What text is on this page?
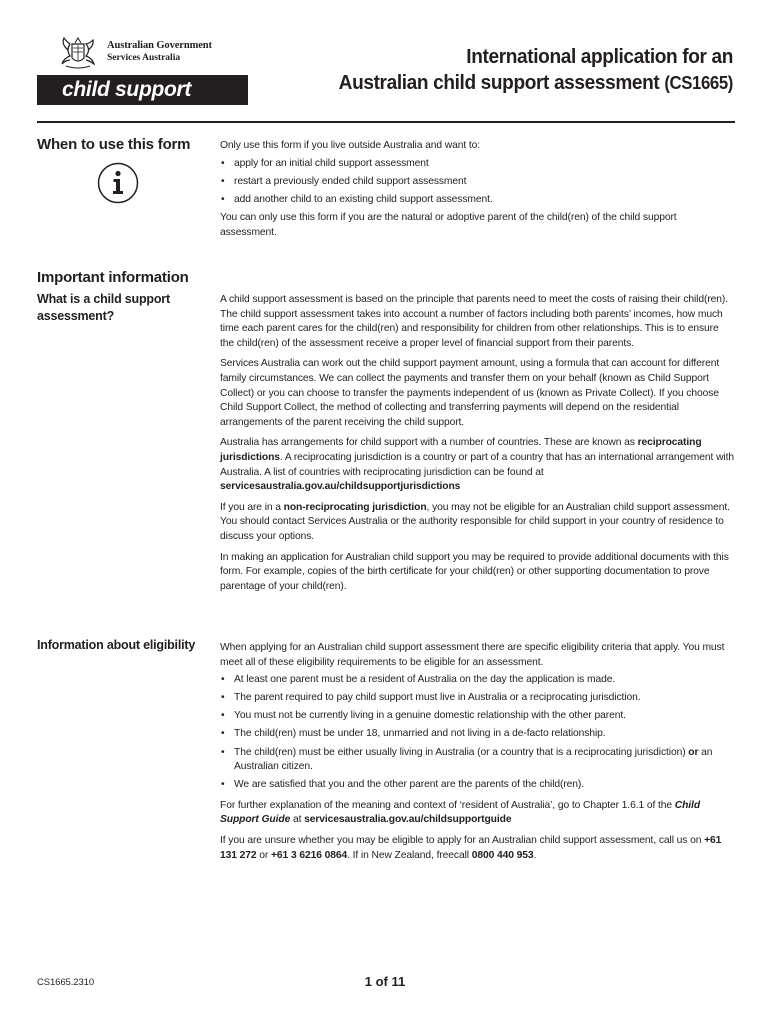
Australian Government
Services Australia
child support
International application for an
Australian child support assessment (CS1665)
When to use this form	Only use this form if you live outside Australia and want to:

• apply for an initial child support assessment
• restart a previously ended child support assessment
• add another child to an existing child support assessment.

You can only use this form if you are the natural or adoptive parent of the child(ren) of the child support assessment.

Important information
What is a child support assessment?

A child support assessment is based on the principle that parents need to meet the costs of raising their child(ren). The child support assessment takes into account a number of factors including both parents’ incomes, how much time each parent cares for the child(ren) and responsibility for children from other relationships. This is to ensure the child(ren) of the assessment receive a proper level of financial support from their parents.

Services Australia can work out the child support payment amount, using a formula that can account for different family circumstances. We can collect the payments and transfer them on your behalf (known as Child Support Collect) or you can choose to transfer the payments independent of us (known as Private Collect). If you choose Child Support Collect, the method of collecting and transferring payments will depend on the residential arrangements of the parent receiving the child support.

Australia has arrangements for child support with a number of countries. These are known as reciprocating jurisdictions. A reciprocating jurisdiction is a country or part of a country that has an international arrangement with Australia. A list of countries with reciprocating jurisdiction can be found at servicesaustralia.gov.au/childsupportjurisdictions

If you are in a non-reciprocating jurisdiction, you may not be eligible for an Australian child support assessment. You should contact Services Australia or the authority responsible for child support in your country of residence to discuss your options.

In making an application for Australian child support you may be required to provide additional documents with this form. For example, copies of the birth certificate for your child(ren) or other supporting documentation to prove parentage of your child(ren).

Information about eligibility When applying for an Australian child support assessment there are specific eligibility criteria that apply. You must meet all of these eligibility requirements to be eligible for an assessment.

• At least one parent must be a resident of Australia on the day the application is made.
• The parent required to pay child support must live in Australia or a reciprocating jurisdiction.
• You must not be currently living in a genuine domestic relationship with the other parent.
• The child(ren) must be under 18, unmarried and not living in a de-facto relationship.
• The child(ren) must be either usually living in Australia (or a country that is a reciprocating jurisdiction) or an Australian citizen.
• We are satisfied that you and the other parent are the parents of the child(ren).

For further explanation of the meaning and context of ‘resident of Australia’, go to Chapter 1.6.1 of the Child Support Guide at servicesaustralia.gov.au/childsupportguide

If you are unsure whether you may be eligible to apply for an Australian child support assessment, call us on +61 131 272 or +61 3 6216 0864. If in New Zealand, freecall 0800 440 953.

CS1665.2310	1 of 11
